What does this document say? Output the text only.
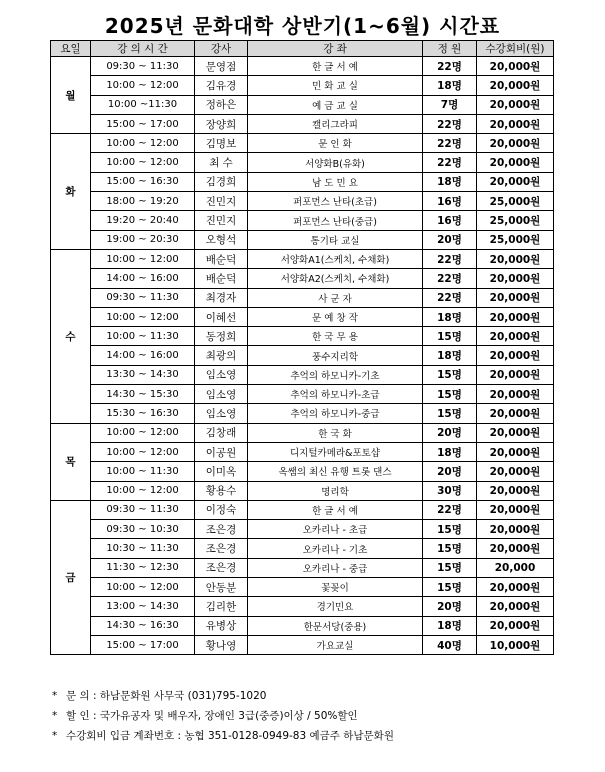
2025년 문화대학 상반기(1~6월) 시간표
요일	강 의 시 간	강사	강 좌	정 원	수강회비(원)
월	09:30 ~ 11:30	문영점	한 글 서 예	22명	20,000원
	10:00 ~ 12:00	김유경	민 화 교 실	18명	20,000원
	10:00 ~11:30	정하은	예 금 교 실	7명	20,000원
	15:00 ~ 17:00	장양희	캘리그라피	22명	20,000원
화	10:00 ~ 12:00	김명보	문 인 화	22명	20,000원
	10:00 ~ 12:00	최 수	서양화B(유화)	22명	20,000원
	15:00 ~ 16:30	김경희	남 도 민 요	18명	20,000원
	18:00 ~ 19:20	진민지	퍼포먼스 난타(초급)	16명	25,000원
	19:20 ~ 20:40	진민지	퍼포먼스 난타(중급)	16명	25,000원
	19:00 ~ 20:30	오형석	통기타 교실	20명	25,000원
수	10:00 ~ 12:00	배순덕	서양화A1(스케치, 수채화)	22명	20,000원
	14:00 ~ 16:00	배순덕	서양화A2(스케치, 수채화)	22명	20,000원
	09:30 ~ 11:30	최경자	사 군 자	22명	20,000원
	10:00 ~ 12:00	이혜선	문 예 창 작	18명	20,000원
	10:00 ~ 11:30	동정희	한 국 무 용	15명	20,000원
	14:00 ~ 16:00	최광의	풍수지리학	18명	20,000원
	13:30 ~ 14:30	임소영	추억의 하모니카-기초	15명	20,000원
	14:30 ~ 15:30	임소영	추억의 하모니카-초급	15명	20,000원
	15:30 ~ 16:30	임소영	추억의 하모니카-중급	15명	20,000원
목	10:00 ~ 12:00	김창래	한 국 화	20명	20,000원
	10:00 ~ 12:00	이공원	디지털카메라&포토샵	18명	20,000원
	10:00 ~ 11:30	이미옥	옥쌤의 최신 유행 트롯 댄스	20명	20,000원
	10:00 ~ 12:00	황용수	명리학	30명	20,000원
금	09:30 ~ 11:30	이정숙	한 글 서 예	22명	20,000원
	09:30 ~ 10:30	조은경	오카리나 - 초급	15명	20,000원
	10:30 ~ 11:30	조은경	오카리나 - 기초	15명	20,000원
	11:30 ~ 12:30	조은경	오카리나 - 중급	15명	20,000
	10:00 ~ 12:00	안동분	꽃꽂이	15명	20,000원
	13:00 ~ 14:30	김리한	경기민요	20명	20,000원
	14:30 ~ 16:30	유병상	한문서당(중용)	18명	20,000원
	15:00 ~ 17:00	황나영	가요교실	40명	10,000원
* 문 의 : 하남문화원 사무국 (031)795-1020
* 할 인 : 국가유공자 및 배우자, 장애인 3급(중증)이상 / 50%할인
* 수강회비 입금 계좌번호 : 농협 351-0128-0949-83 예금주 하남문화원
